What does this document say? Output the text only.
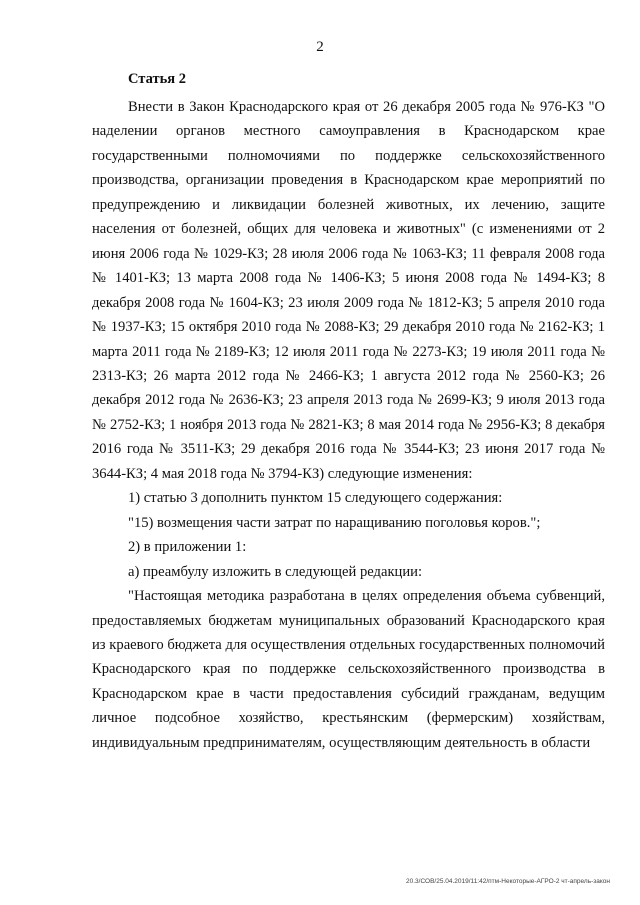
2
Статья 2

Внести в Закон Краснодарского края от 26 декабря 2005 года № 976-КЗ "О наделении органов местного самоуправления в Краснодарском крае государственными полномочиями по поддержке сельскохозяйственного производства, организации проведения в Краснодарском крае мероприятий по предупреждению и ликвидации болезней животных, их лечению, защите населения от болезней, общих для человека и животных" (с изменениями от 2 июня 2006 года № 1029-КЗ; 28 июля 2006 года № 1063-КЗ; 11 февраля 2008 года № 1401-КЗ; 13 марта 2008 года № 1406-КЗ; 5 июня 2008 года № 1494-КЗ; 8 декабря 2008 года № 1604-КЗ; 23 июля 2009 года № 1812-КЗ; 5 апреля 2010 года № 1937-КЗ; 15 октября 2010 года № 2088-КЗ; 29 декабря 2010 года № 2162-КЗ; 1 марта 2011 года № 2189-КЗ; 12 июля 2011 года № 2273-КЗ; 19 июля 2011 года № 2313-КЗ; 26 марта 2012 года № 2466-КЗ; 1 августа 2012 года № 2560-КЗ; 26 декабря 2012 года № 2636-КЗ; 23 апреля 2013 года № 2699-КЗ; 9 июля 2013 года № 2752-КЗ; 1 ноября 2013 года № 2821-КЗ; 8 мая 2014 года № 2956-КЗ; 8 декабря 2016 года № 3511-КЗ; 29 декабря 2016 года № 3544-КЗ; 23 июня 2017 года № 3644-КЗ; 4 мая 2018 года № 3794-КЗ) следующие изменения:

1) статью 3 дополнить пунктом 15 следующего содержания:

"15) возмещения части затрат по наращиванию поголовья коров.";

2) в приложении 1:

а) преамбулу изложить в следующей редакции:

"Настоящая методика разработана в целях определения объема субвенций, предоставляемых бюджетам муниципальных образований Краснодарского края из краевого бюджета для осуществления отдельных государственных полномочий Краснодарского края по поддержке сельскохозяйственного производства в Краснодарском крае в части предоставления субсидий гражданам, ведущим личное подсобное хозяйство, крестьянским (фермерским) хозяйствам, индивидуальным предпринимателям, осуществляющим деятельность в области

20.3/СОВ/25.04.2019/11:42/птм-Некоторые-АГРО-2 чт-апрель-закон
